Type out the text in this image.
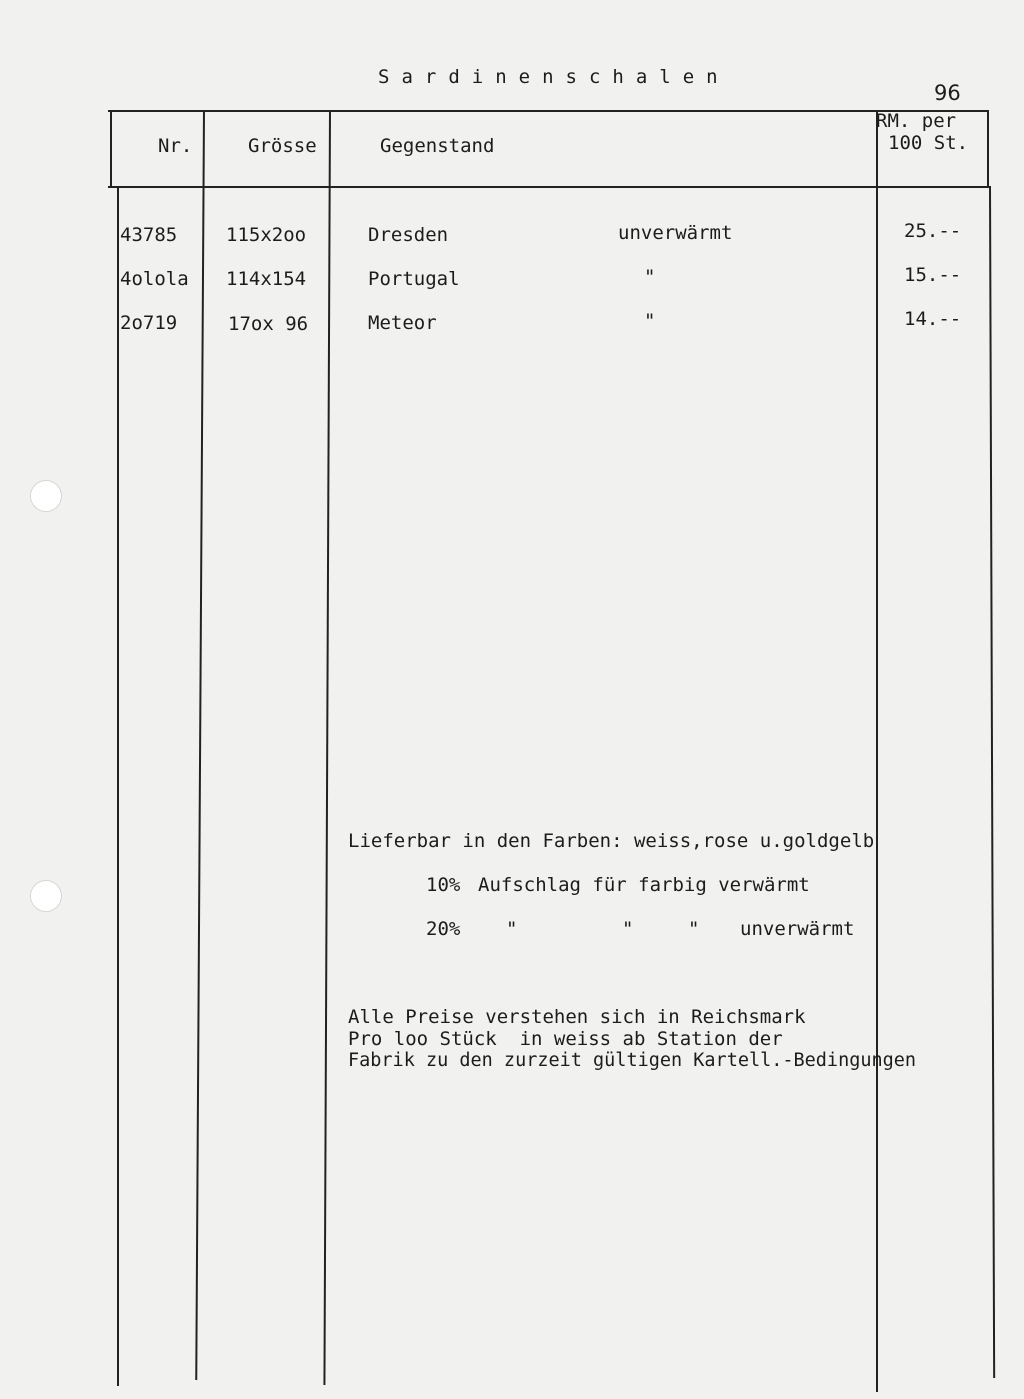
Sardinenschalen
96
Nr.	Grösse	Gegenstand
RM. per
100 St.
43785	115x2oo	Dresden	unverwärmt	25.--
4olola 114x154	Portugal	"	15.--
2o719	17ox 96	Meteor	"	14.--
Lieferbar in den Farben: weiss,rose u.goldgelb
10% Aufschlag für farbig verwärmt
20% "	"	" unverwärmt
Alle Preise verstehen sich in Reichsmark
Pro loo Stück  in weiss ab Station der
Fabrik zu den zurzeit gültigen Kartell.-Bedingungen
